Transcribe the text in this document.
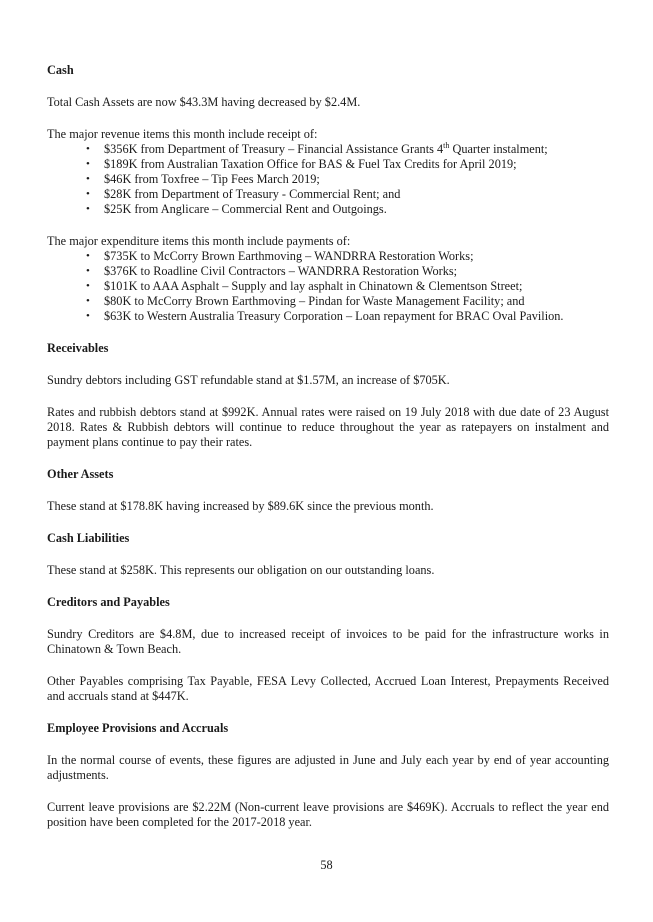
Cash

Total Cash Assets are now $43.3M having decreased by $2.4M.

The major revenue items this month include receipt of:

• $356K from Department of Treasury – Financial Assistance Grants 4th Quarter instalment;
• $189K from Australian Taxation Office for BAS & Fuel Tax Credits for April 2019;
• $46K from Toxfree – Tip Fees March 2019;
• $28K from Department of Treasury - Commercial Rent; and
• $25K from Anglicare – Commercial Rent and Outgoings.

The major expenditure items this month include payments of:

• $735K to McCorry Brown Earthmoving – WANDRRA Restoration Works;
• $376K to Roadline Civil Contractors – WANDRRA Restoration Works;
• $101K to AAA Asphalt – Supply and lay asphalt in Chinatown & Clementson Street;
• $80K to McCorry Brown Earthmoving – Pindan for Waste Management Facility; and
• $63K to Western Australia Treasury Corporation – Loan repayment for BRAC Oval Pavilion.
Receivables

Sundry debtors including GST refundable stand at $1.57M, an increase of $705K.

Rates and rubbish debtors stand at $992K. Annual rates were raised on 19 July 2018 with due date of 23 August 2018. Rates & Rubbish debtors will continue to reduce throughout the year as ratepayers on instalment and payment plans continue to pay their rates.

Other Assets

These stand at $178.8K having increased by $89.6K since the previous month.

Cash Liabilities

These stand at $258K. This represents our obligation on our outstanding loans.

Creditors and Payables

Sundry Creditors are $4.8M, due to increased receipt of invoices to be paid for the infrastructure works in Chinatown & Town Beach.

Other Payables comprising Tax Payable, FESA Levy Collected, Accrued Loan Interest, Prepayments Received and accruals stand at $447K.

Employee Provisions and Accruals

In the normal course of events, these figures are adjusted in June and July each year by end of year accounting adjustments.

Current leave provisions are $2.22M (Non-current leave provisions are $469K). Accruals to reflect the year end position have been completed for the 2017-2018 year.

58
